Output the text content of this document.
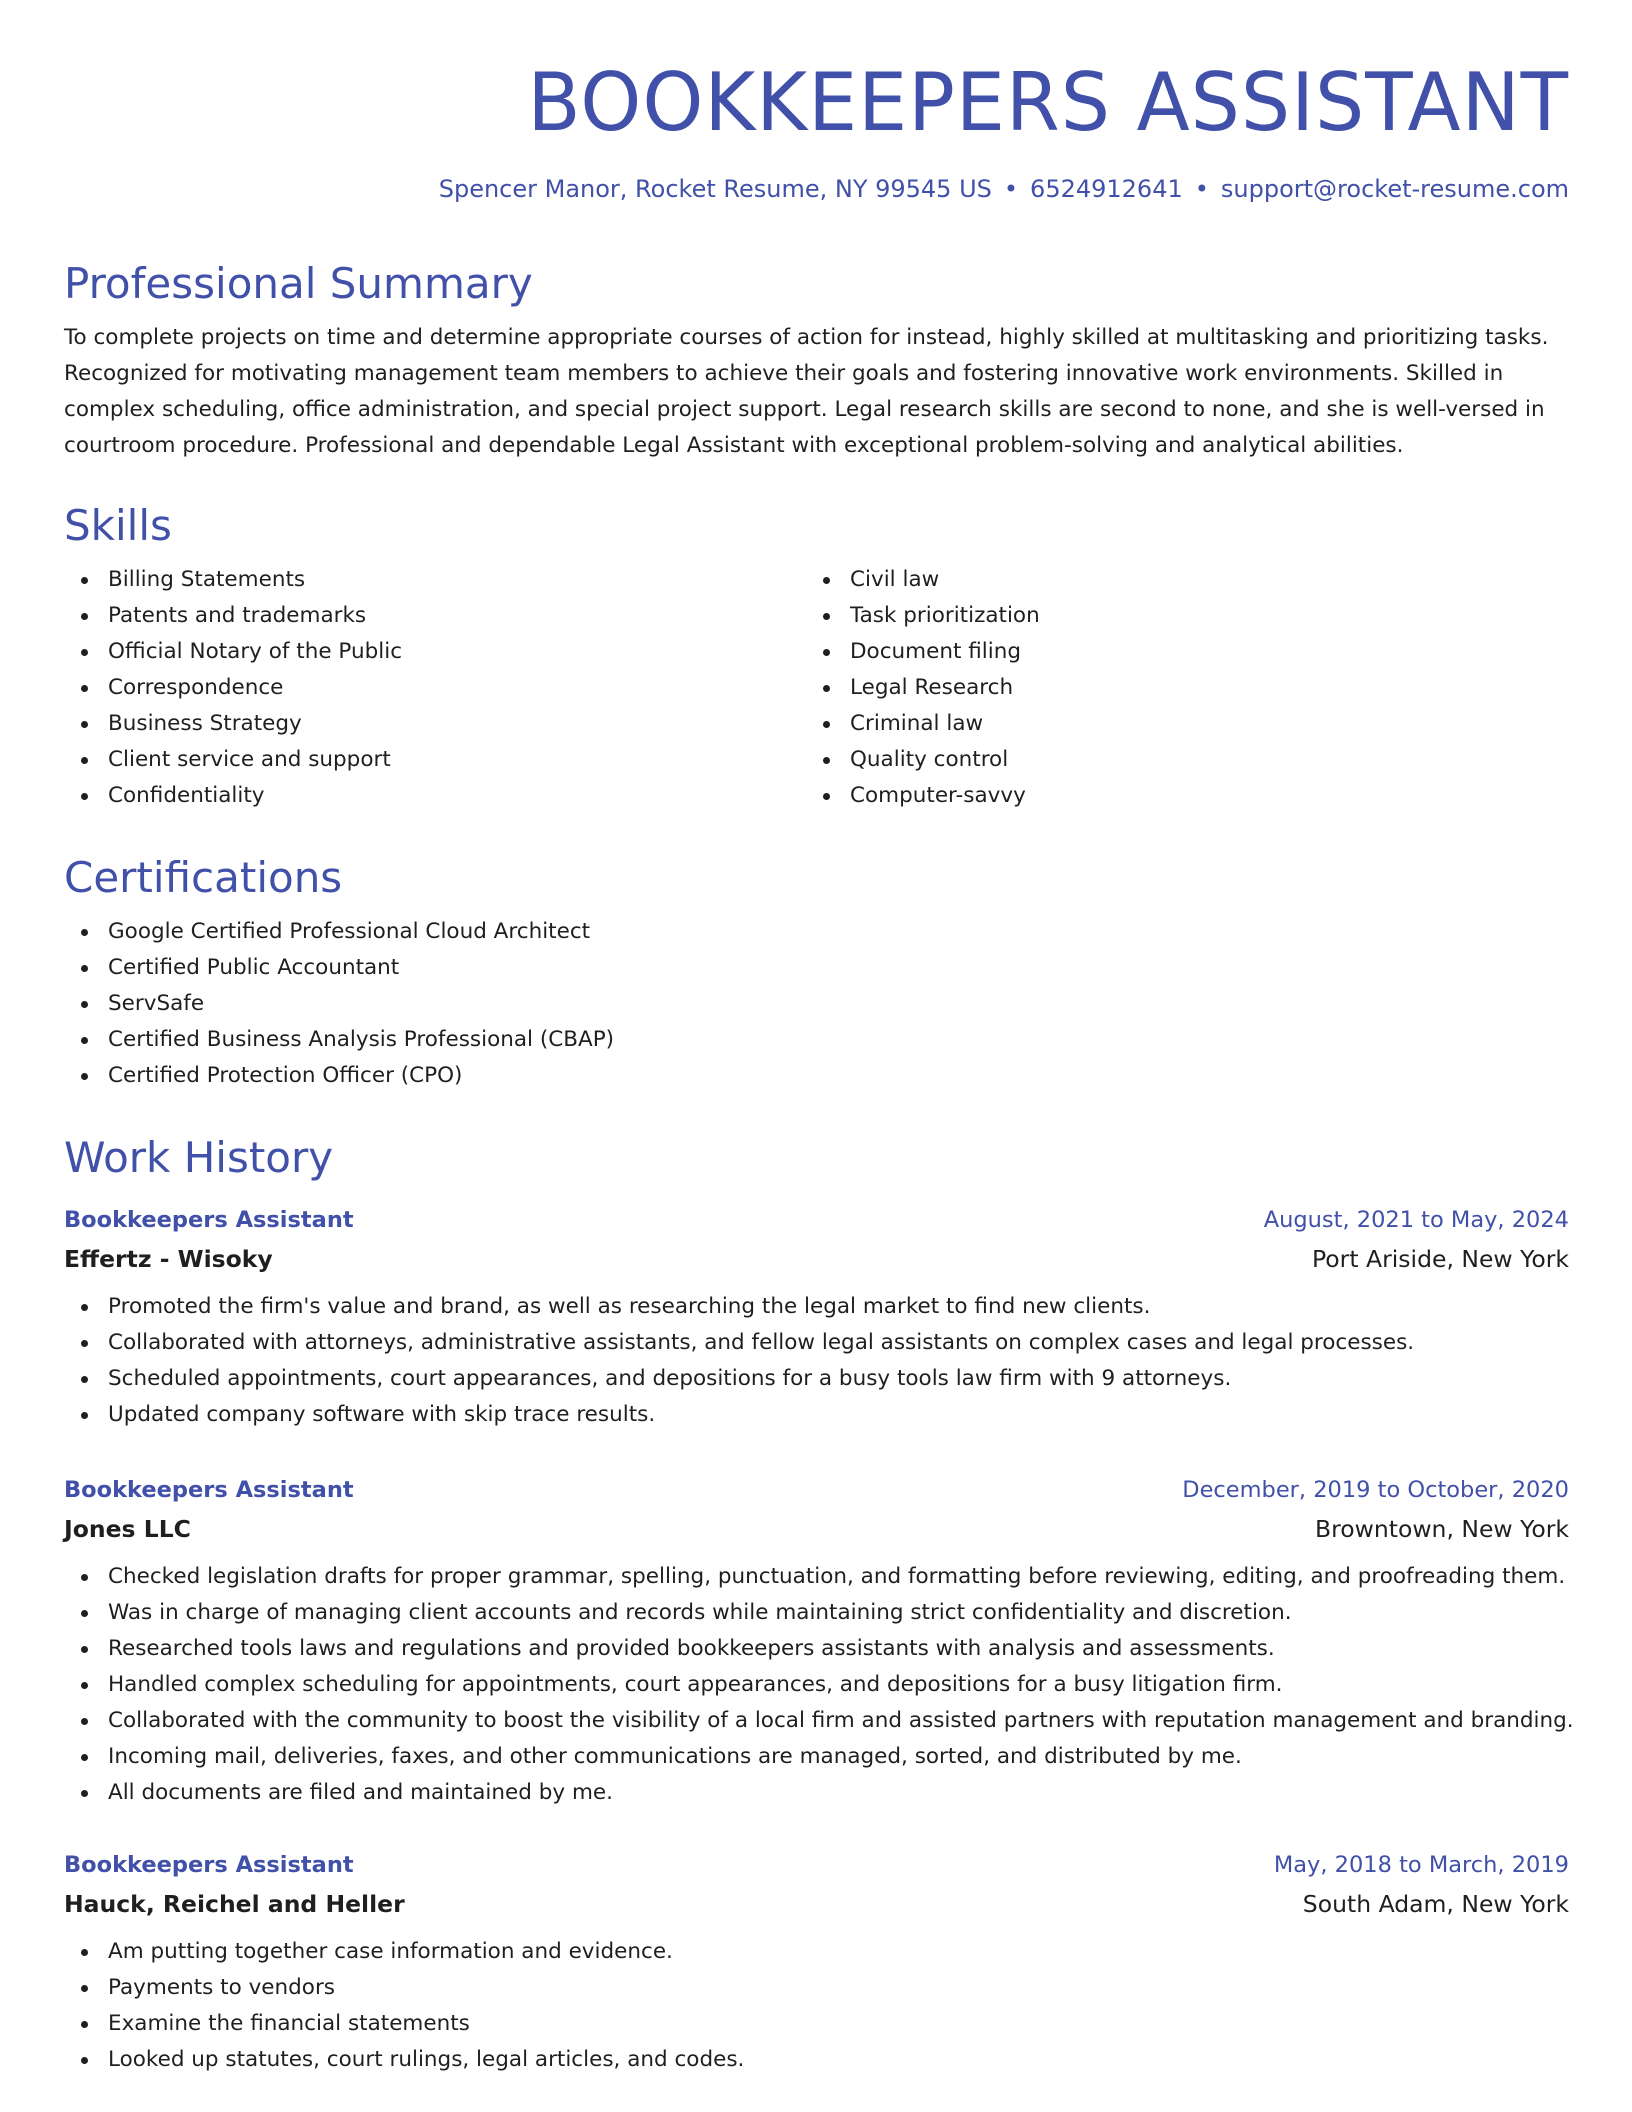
BOOKKEEPERS ASSISTANT
Spencer Manor, Rocket Resume, NY 99545 US • 6524912641 • support@rocket-resume.com
Professional Summary
To complete projects on time and determine appropriate courses of action for instead, highly skilled at multitasking and prioritizing tasks. Recognized for motivating management team members to achieve their goals and fostering innovative work environments. Skilled in complex scheduling, office administration, and special project support. Legal research skills are second to none, and she is well-versed in courtroom procedure. Professional and dependable Legal Assistant with exceptional problem-solving and analytical abilities.
Skills
Billing Statements
Patents and trademarks
Official Notary of the Public
Correspondence
Business Strategy
Client service and support
Confidentiality
Civil law
Task prioritization
Document filing
Legal Research
Criminal law
Quality control
Computer-savvy
Certifications
Google Certified Professional Cloud Architect
Certified Public Accountant
ServSafe
Certified Business Analysis Professional (CBAP)
Certified Protection Officer (CPO)
Work History
Bookkeepers Assistant	August, 2021 to May, 2024
Effertz - Wisoky	Port Ariside, New York
Promoted the firm's value and brand, as well as researching the legal market to find new clients.
Collaborated with attorneys, administrative assistants, and fellow legal assistants on complex cases and legal processes.
Scheduled appointments, court appearances, and depositions for a busy tools law firm with 9 attorneys.
Updated company software with skip trace results.
Bookkeepers Assistant	December, 2019 to October, 2020
Jones LLC	Browntown, New York
Checked legislation drafts for proper grammar, spelling, punctuation, and formatting before reviewing, editing, and proofreading them.
Was in charge of managing client accounts and records while maintaining strict confidentiality and discretion.
Researched tools laws and regulations and provided bookkeepers assistants with analysis and assessments.
Handled complex scheduling for appointments, court appearances, and depositions for a busy litigation firm.
Collaborated with the community to boost the visibility of a local firm and assisted partners with reputation management and branding.
Incoming mail, deliveries, faxes, and other communications are managed, sorted, and distributed by me.
All documents are filed and maintained by me.
Bookkeepers Assistant	May, 2018 to March, 2019
Hauck, Reichel and Heller	South Adam, New York
Am putting together case information and evidence.
Payments to vendors
Examine the financial statements
Looked up statutes, court rulings, legal articles, and codes.
